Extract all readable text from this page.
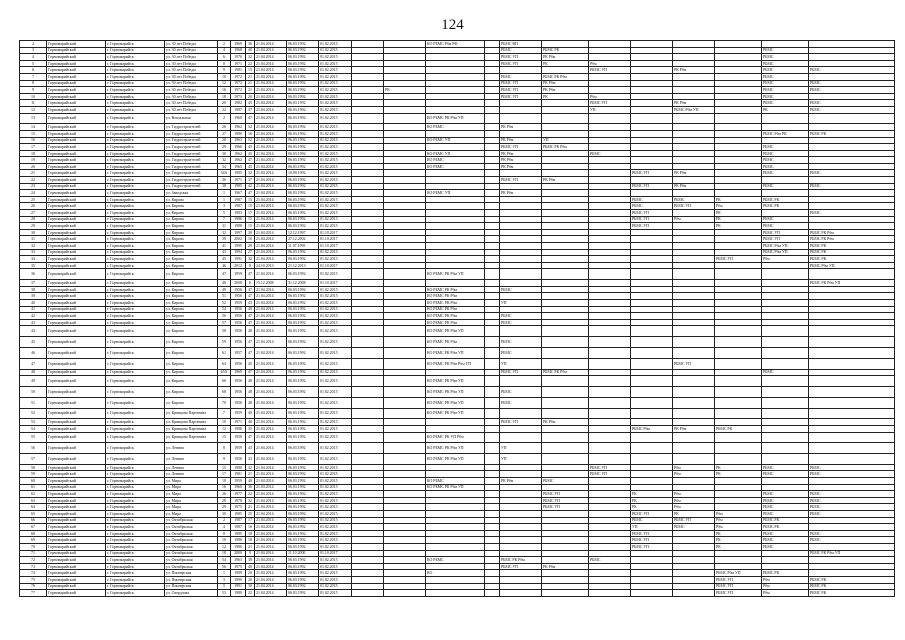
124
2	Горномарийский	г. Горномарийск	ул. 30 лет Победы	2	1969	36	21.04.2014	06.03.1992	01.02.2015			КО РБМС Рбм РФ		РБМС ВП							

3	Горномарийский	г. Горномарийск	ул. 30 лет Победы	4	1968	40	21.04.2014	06.03.1992	01.02.2015					РБМС	РБМС РК					РБМС	

4	Горномарийский	г. Горномарийск	ул. 30 лет Победы	6	1970	32	21.04.2014	06.03.1992	01.02.2015					РБМС УП	РК Рбм					РБМС	

5	Горномарийский	г. Горномарийск	ул. 30 лет Победы	8	1971	22	21.04.2014	06.03.1992	01.02.2015					РБМС УП	РК	Рбм				РБМС	

6	Горномарийский	г. Горномарийск	ул. 30 лет Победы	9	1981	15	21.04.2014	06.03.1992	01.02.2015							РБМС УП		РК Рбм		РБМС	РБМС

7	Горномарийский	г. Горномарийск	ул. 30 лет Победы	10	1972	21	21.04.2014	06.03.1992	01.02.2015					РБМС	РБМС РК Рбм					РБМС	

8	Горномарийский	г. Горномарийск	ул. 30 лет Победы	12	1972	21	21.04.2014	06.03.1992	01.02.2015					РБМС УП	РК Рбм					РБМС	РБМС

9	Горномарийский	г. Горномарийск	ул. 30 лет Победы	16	1972	21	21.04.2014	06.03.1992	01.02.2015		РК			РБМС УП	РК Рбм					РБМС	РБМС

10	Горномарийский	г. Горномарийск	ул. 30 лет Победы	18	1973	20	21.04.2014	06.03.1992	01.02.2015					РБМС УП	РК	Рбм				РБМС	

11	Горномарийский	г. Горномарийск	ул. 30 лет Победы	20	1982	45	21.04.2014	06.03.1992	01.02.2015							РБМС УП		РК Рбм		РБМС	РБМС

12	Горномарийский	г. Горномарийск	ул. 30 лет Победы	22	1987	37	21.04.2014	06.03.1992	01.02.2015							УП		РБМС Рбм УП		РК	РБМС

13	Горномарийский	г. Горномарийск	ул. Вокзальная	2	1960	47	21.04.2014	06.03.1992	01.02.2015			КО РБМС РК Рбм УП									

14	Горномарийский	г. Горномарийск	ул. Гидростроителей	26	1962	32	21.04.2014	06.03.1992	01.02.2015			КО РБМС		РК Рбм							

15	Горномарийский	г. Горномарийск	ул. Гидростроителей	27	1980	16	21.04.2014	06.03.1992	01.02.2015											РБМС Рбм РК	РБМС РК

16	Горномарийский	г. Горномарийск	ул. Гидростроителей	28	1963	52	21.04.2014	06.03.1992	01.02.2015			КО РБМС УП		РК Рбм	УП						

17	Горномарийский	г. Горномарийск	ул. Гидростроителей	29	1966	45	21.04.2014	06.03.1992	01.02.2015					РБМС УП	РБМС РК Рбм					РБМС	

18	Горномарийский	г. Горномарийск	ул. Гидростроителей	30	1962	45	21.04.2014	06.03.1992	01.02.2015			КО РБМС УП		РК Рбм		РБМС				РБМС	

19	Горномарийский	г. Горномарийск	ул. Гидростроителей	32	1962	47	21.04.2014	06.03.1992	01.02.2015			КО РБМС		РК Рбм						РБМС	

20	Горномарийский	г. Горномарийск	ул. Гидростроителей	34	1965	45	21.04.2014	06.03.1992	01.02.2015			КО РБМС		РК Рбм						РБМС	

21	Горномарийский	г. Горномарийск	ул. Гидростроителей	34А	1985	32	21.04.2014	10.09.1992	01.02.2015								РБМС УП	РК Рбм		РБМС	РБМС

22	Горномарийский	г. Горномарийск	ул. Гидростроителей	36	1971	37	21.04.2014	06.03.1992	01.02.2015					РБМС УП	РК Рбм						

23	Горномарийский	г. Горномарийск	ул. Гидростроителей	38	1985	42	21.04.2014	06.03.1992	01.02.2015								РБМС УП	РК Рбм		РБМС	РБМС

24	Горномарийский	г. Горномарийск	ул. Заводская	1	1967	47	21.04.2014	06.03.1992	01.02.2015			КО РБМС УП		РК Рбм							

25	Горномарийский	г. Горномарийск	ул. Кирова	1	1987	15	21.04.2014	06.03.1992	01.02.2015								РБМС	РБМС	РК	РБМС РК	

26	Горномарийский	г. Горномарийск	ул. Кирова	3	1987	15	21.04.2014	06.03.1992	01.02.2015								РБМС	РБМС УП	Рбм	РБМС РК	

27	Горномарийский	г. Горномарийск	ул. Кирова	5	1983	17	21.04.2014	06.03.1992	01.02.2015								РБМС УП		РК		РБМС

28	Горномарийский	г. Горномарийск	ул. Кирова	7	1986	15	21.04.2014	06.03.1992	01.02.2015								РБМС УП	Рбм	РК	РБМС	

29	Горномарийский	г. Горномарийск	ул. Кирова	31	1988	15	21.04.2014	06.03.1992	01.02.2015								РБМС УП		РК	РБМС	

30	Горномарийский	г. Горномарийск	ул. Кирова	32	1997	30	21.04.2014	12.12.1997	01.10.2017											РБМС УП	РБМС РК Рбм

31	Горномарийский	г. Горномарийск	ул. Кирова	39	2002	10	21.04.2014	27.12.2002	01.10.2017											РБМС УП	РБМС РК Рбм

32	Горномарийский	г. Горномарийск	ул. Кирова	41	1995	28	21.04.2014	11.07.1995	01.10.2017											РБМС Рбм УП	РБМС РК

33	Горномарийский	г. Горномарийск	ул. Кирова	43	1994	27	21.04.2014	06.03.1992	01.02.2015											РБМС Рбм УП	РБМС РК

34	Горномарийский	г. Горномарийск	ул. Кирова	45	1991	32	21.04.2014	06.03.1992	01.02.2015										РБМС УП	Рбм	РБМС РК

35	Горномарийский	г. Горномарийск	ул. Кирова	46	2012	8	24.10.2013	21.12.2013	01.10.2017												РБМС Рбм УП

36	Горномарийский	г. Горномарийск	ул. Кирова	47	1959	47	21.04.2014	06.03.1992	01.02.2015			КО РБМС РК Рбм УП									

37	Горномарийский	г. Горномарийск	ул. Кирова	48	2008	6	15.12.2008	31.12.2008	01.10.2017												РБМС РК Рбм УП

38	Горномарийский	г. Горномарийск	ул. Кирова	49	1956	47	21.04.2014	06.03.1992	01.02.2015			КО РБМС РК Рбм		РБМС							

39	Горномарийский	г. Горномарийск	ул. Кирова	51	1956	47	21.04.2014	06.03.1992	01.02.2015			КО РБМС РК Рбм									

40	Горномарийский	г. Горномарийск	ул. Кирова	52	1959	43	21.04.2014	06.03.1992	01.02.2015			КО РБМС РК Рбм		УП							

41	Горномарийский	г. Горномарийск	ул. Кирова	54	1956	48	21.04.2014	06.03.1992	01.02.2015			КО РБМС РК Рбм									

42	Горномарийский	г. Горномарийск	ул. Кирова	56	1956	47	21.04.2014	06.03.1992	01.02.2015			КО РБМС РК Рбм		РБМС							

43	Горномарийский	г. Горномарийск	ул. Кирова	57	1956	47	21.04.2014	06.03.1992	01.02.2015			КО РБМС РК Рбм		РБМС							

44	Горномарийский	г. Горномарийск	ул. Кирова	58	1956	48	21.04.2014	06.03.1992	01.02.2015			КО РБМС РК Рбм УП									

45	Горномарийский	г. Горномарийск	ул. Кирова	59	1956	47	21.04.2014	06.03.1992	01.02.2015			КО РБМС РК Рбм		РБМС							

46	Горномарийский	г. Горномарийск	ул. Кирова	61	1957	47	21.04.2014	06.03.1992	01.02.2015			КО РБМС РК Рбм УП		РБМС							

47	Горномарийский	г. Горномарийск	ул. Кирова	64	1956	45	21.04.2014	06.03.1992	01.02.2015			КО РБМС РК Рбм Рбм УП		УП				РБМС УП			

48	Горномарийский	г. Горномарийск	ул. Кирова	65А	1969	47	21.04.2014	06.03.1992	01.02.2015					РБМС УП	РБМС РК Рбм					РБМС	

49	Горномарийский	г. Горномарийск	ул. Кирова	66	1956	48	21.04.2014	06.03.1992	01.02.2015			КО РБМС РК Рбм УП									

50	Горномарийский	г. Горномарийск	ул. Кирова	68	1956	48	21.04.2014	06.03.1992	01.02.2015			КО РБМС РК Рбм УП		РБМС							

51	Горномарийский	г. Горномарийск	ул. Кирова	70	1956	48	21.04.2014	06.03.1992	01.02.2015			КО РБМС РК Рбм УП		РБМС							

52	Горномарийский	г. Горномарийск	ул. Кривцова Партизана	7	1959	40	21.04.2014	06.03.1992	01.02.2015			КО РБМС РК Рбм УП									

53	Горномарийский	г. Горномарийск	ул. Кривцова Партизана	10	1971	40	21.04.2014	06.03.1992	01.02.2015					РБМС УП	РК Рбм						

54	Горномарийский	г. Горномарийск	ул. Кривцова Партизана	12	1986	35	21.04.2014	06.03.1992	01.02.2015								РБМС Рбм	РК Рбм	РБМС РК		

55	Горномарийский	г. Горномарийск	ул. Кривцова Партизана	15	1958	47	21.04.2014	06.03.1992	01.02.2015			КО РБМС РК УП Рбм									

56	Горномарийский	г. Горномарийск	ул. Ленина	8	1959	43	21.04.2014	06.03.1992	01.02.2015			КО РБМС РК Рбм УП		УП							

57	Горномарийский	г. Горномарийск	ул. Ленина	9	1956	43	21.04.2014	06.03.1992	01.02.2015			КО РБМС РК Рбм УП		УП							

58	Горномарийский	г. Горномарийск	ул. Ленина	15	1980	32	21.04.2014	06.03.1992	01.02.2015							РБМС УП		Рбм	РК	РБМС	РБМС

59	Горномарийский	г. Горномарийск	ул. Ленина	17	1981	21	21.04.2014	06.03.1992	01.02.2015							РБМС УП		Рбм	РК	РБМС	РБМС

60	Горномарийский	г. Горномарийск	ул. Мира	10	1959	48	21.04.2014	06.03.1992	01.02.2015			КО РБМС		РК Рбм	РБМС						

61	Горномарийский	г. Горномарийск	ул. Мира	16	1960	36	21.04.2014	06.03.1992	01.02.2015			КО РБМС РК Рбм УП									

62	Горномарийский	г. Горномарийск	ул. Мира	26	1977	22	21.04.2014	06.03.1992	01.02.2015						РБМС УП		РК	Рбм		РБМС	РБМС

63	Горномарийский	г. Горномарийск	ул. Мира	28	1978	32	21.04.2014	06.03.1992	01.02.2015						РБМС УП		РК	Рбм		РБМС	РБМС

64	Горномарийский	г. Горномарийск	ул. Мира	29	1975	21	21.04.2014	06.03.1992	01.02.2015						РБМС УП		РК	Рбм		РБМС	РБМС

65	Горномарийский	г. Горномарийск	ул. Мира	30	1985	25	21.04.2014	06.03.1992	01.02.2015								РБМС УП	РК	Рбм	РБМС	РБМС

66	Горномарийский	г. Горномарийск	ул. Октябрьская	2	1987	17	21.04.2014	06.03.1992	01.02.2015								РБМС	РБМС УП	Рбм	РБМС РК	

67	Горномарийский	г. Горномарийск	ул. Октябрьская	4	1987	16	21.04.2014	06.03.1992	01.02.2015								УП	РБМС	Рбм	РБМС РК	

68	Горномарийский	г. Горномарийск	ул. Октябрьская	8	1985	18	21.04.2014	06.03.1992	01.02.2015								РБМС УП		РК	РБМС	РБМС

69	Горномарийский	г. Горномарийск	ул. Октябрьская	10	1986	18	21.04.2014	06.03.1992	01.02.2015								РБМС УП		РК	РБМС	РБМС

70	Горномарийский	г. Горномарийск	ул. Октябрьская	12	1986	21	21.04.2014	06.03.1992	01.02.2015								РБМС УП		РК	РБМС	

71	Горномарийский	г. Горномарийск	ул. Октябрьская	18	2000	9	21.04.2014	11.10.2000	01.10.2017												РБМС РК Рбм УП

72	Горномарийский	г. Горномарийск	ул. Октябрьская	54	1963	38	21.04.2014	06.03.1992	01.02.2015			КО РБМС		РБМС РК Рбм		РБМС					

73	Горномарийский	г. Горномарийск	ул. Октябрьская	56	1975	40	21.04.2014	06.03.1992	01.02.2015					РБМС УП	РК Рбм						

74	Горномарийский	г. Горномарийск	ул. Пионерская	1	1989	20	21.04.2014	06.03.1992	01.02.2015			КО							РБМС Рбм УП	РБМС РК	

75	Горномарийский	г. Горномарийск	ул. Пионерская	3	1990	20	21.04.2014	06.03.1992	01.02.2015										РБМС УП	Рбм	РБМС РК

76	Горномарийский	г. Горномарийск	ул. Пионерская	5	1991	30	21.04.2014	06.03.1992	01.02.2015										РБМС УП	Рбм	РБМС РК

77	Горномарийский	г. Горномарийск	ул. Свердлова	53	1989	22	21.04.2014	06.03.1992	01.02.2015										РБМС УП	Рбм	РБМС РК
